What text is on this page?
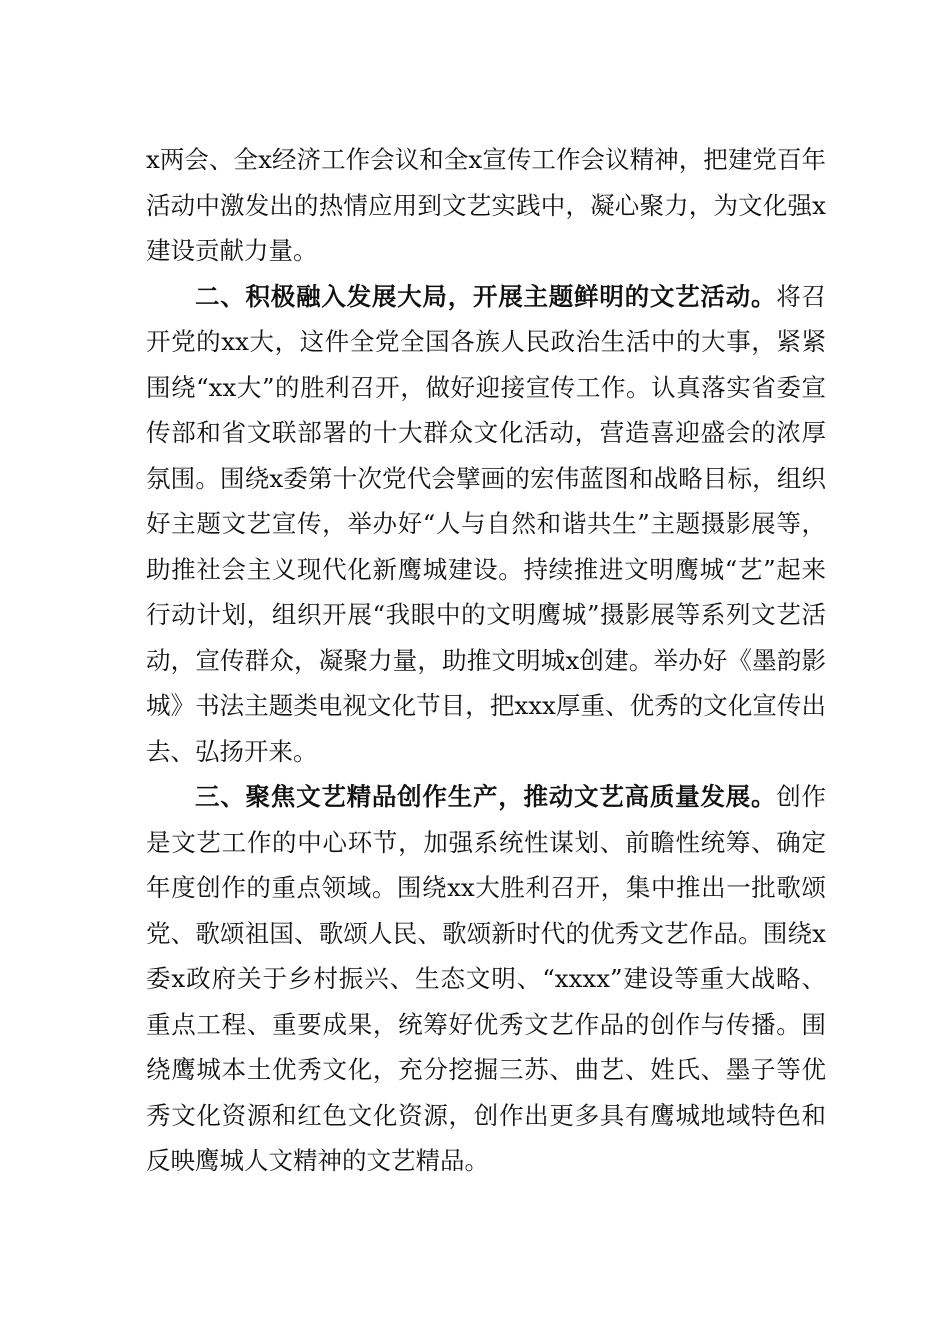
x两会、全x经济工作会议和全x宣传工作会议精神，把建党百年活动中激发出的热情应用到文艺实践中，凝心聚力，为文化强x建设贡献力量。

二、积极融入发展大局，开展主题鲜明的文艺活动。将召开党的xx大，这件全党全国各族人民政治生活中的大事，紧紧围绕“xx大”的胜利召开，做好迎接宣传工作。认真落实省委宣传部和省文联部署的十大群众文化活动，营造喜迎盛会的浓厚氛围。围绕x委第十次党代会擘画的宏伟蓝图和战略目标，组织好主题文艺宣传，举办好“人与自然和谐共生”主题摄影展等，助推社会主义现代化新鹰城建设。持续推进文明鹰城“艺”起来行动计划，组织开展“我眼中的文明鹰城”摄影展等系列文艺活动，宣传群众，凝聚力量，助推文明城x创建。举办好《墨韵影城》书法主题类电视文化节目，把xxx厚重、优秀的文化宣传出去、弘扬开来。

三、聚焦文艺精品创作生产，推动文艺高质量发展。创作是文艺工作的中心环节，加强系统性谋划、前瞻性统筹、确定年度创作的重点领域。围绕xx大胜利召开，集中推出一批歌颂党、歌颂祖国、歌颂人民、歌颂新时代的优秀文艺作品。围绕x委x政府关于乡村振兴、生态文明、“xxxx”建设等重大战略、重点工程、重要成果，统筹好优秀文艺作品的创作与传播。围绕鹰城本土优秀文化，充分挖掘三苏、曲艺、姓氏、墨子等优秀文化资源和红色文化资源，创作出更多具有鹰城地域特色和反映鹰城人文精神的文艺精品。
